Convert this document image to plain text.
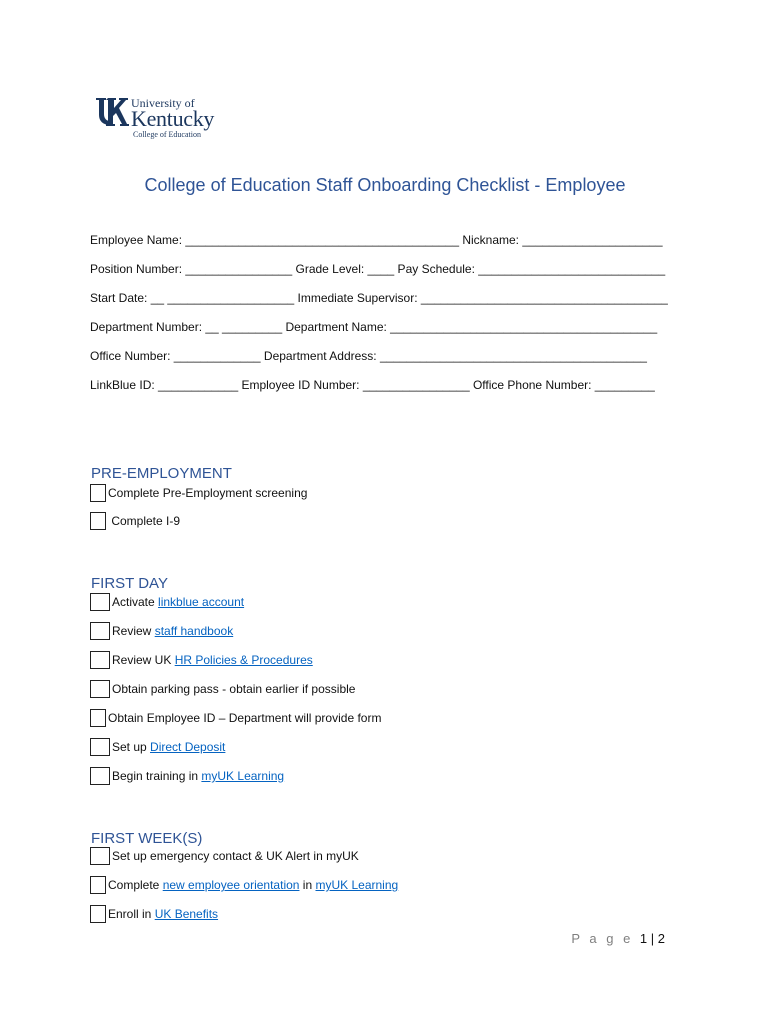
University of
Kentucky
College of Education
College of Education Staff Onboarding Checklist - Employee
Employee Name: _________________________________________ Nickname: _____________________
Position Number: ________________ Grade Level: ____ Pay Schedule: ____________________________
Start Date: __ ___________________ Immediate Supervisor: _____________________________________
Department Number: __ _________ Department Name: ________________________________________
Office Number: _____________ Department Address: ________________________________________
LinkBlue ID: ____________ Employee ID Number: ________________ Office Phone Number: _________
PRE-EMPLOYMENT
Complete Pre-Employment screening
Complete I-9
FIRST DAY
Activate linkblue account
Review staff handbook
Review UK HR Policies & Procedures
Obtain parking pass - obtain earlier if possible
Obtain Employee ID – Department will provide form
Set up Direct Deposit
Begin training in myUK Learning
FIRST WEEK(S)
Set up emergency contact & UK Alert in myUK
Complete new employee orientation in myUK Learning
Enroll in UK Benefits
P a g e 1 | 2
